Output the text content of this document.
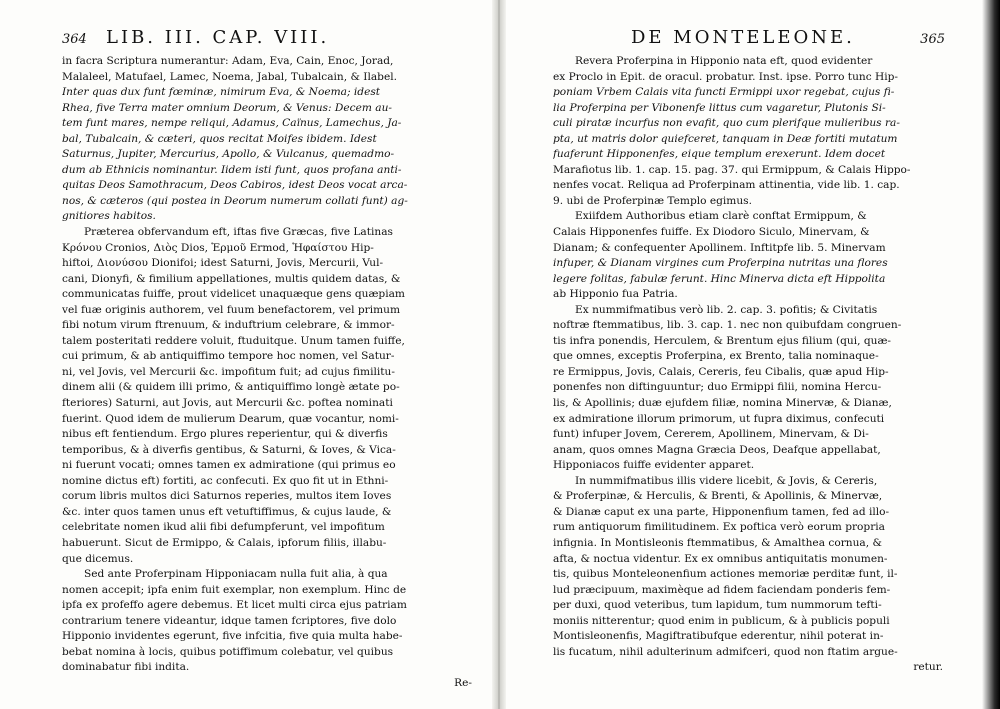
364 LIB. III. CAP. VIII.
in facra Scriptura numerantur: Adam, Eva, Cain, Enoc, Jorad,
Malaleel, Matufael, Lamec, Noema, Jabal, Tubalcain, & Ilabel.
Inter quas dux funt fœminæ, nimirum Eva, & Noema; idest
Rhea, five Terra mater omnium Deorum, & Venus: Decem au-
tem funt mares, nempe reliqui, Adamus, Caïnus, Lamechus, Ja-
bal, Tubalcain, & cæteri, quos recitat Moifes ibidem. Idest
Saturnus, Jupiter, Mercurius, Apollo, & Vulcanus, quemadmo-
dum ab Ethnicis nominantur. Iidem isti funt, quos profana anti-
quitas Deos Samothracum, Deos Cabiros, idest Deos vocat arca-
nos, & cæteros (qui postea in Deorum numerum collati funt) ag-
gnitiores habitos.
Præterea obfervandum eft, iftas five Græcas, five Latinas
Κρόνου Cronios, Διὸς Dios, Ἑρμοῦ Ermod, Ἡφαίστου Hip-
hiftoi, Διονύσου Dionifoi; idest Saturni, Jovis, Mercurii, Vul-
cani, Dionyfi, & fimilium appellationes, multis quidem datas, &
communicatas fuiffe, prout videlicet unaquæque gens quæpiam
vel fuæ originis authorem, vel fuum benefactorem, vel primum
fibi notum virum ftrenuum, & induftrium celebrare, & immor-
talem posteritati reddere voluit, ftuduitque. Unum tamen fuiffe,
cui primum, & ab antiquiffimo tempore hoc nomen, vel Satur-
ni, vel Jovis, vel Mercurii &c. impofitum fuit; ad cujus fimilitu-
dinem alii (& quidem illi primo, & antiquiffimo longè ætate po-
fteriores) Saturni, aut Jovis, aut Mercurii &c. poftea nominati
fuerint. Quod idem de mulierum Dearum, quæ vocantur, nomi-
nibus eft fentiendum. Ergo plures reperientur, qui & diverfis
temporibus, & à diverfis gentibus, & Saturni, & Ioves, & Vica-
ni fuerunt vocati; omnes tamen ex admiratione (qui primus eo
nomine dictus eft) fortiti, ac confecuti. Ex quo fit ut in Ethni-
corum libris multos dici Saturnos reperies, multos item Ioves
&c. inter quos tamen unus eft vetuftiffimus, & cujus laude, &
celebritate nomen ikud alii fibi defumpferunt, vel impofitum
habuerunt. Sicut de Ermippo, & Calais, ipforum filiis, illabu-
que dicemus.
Sed ante Proferpinam Hipponiacam nulla fuit alia, à qua
nomen accepit; ipfa enim fuit exemplar, non exemplum. Hinc de
ipfa ex profeffo agere debemus. Et licet multi circa ejus patriam
contrarium tenere videantur, idque tamen fcriptores, five dolo
Hipponio invidentes egerunt, five infcitia, five quia multa habe-
bebat nomina à locis, quibus potiffimum colebatur, vel quibus
dominabatur fibi indita.
Re-
DE MONTELEONE.	365
Revera Proferpina in Hipponio nata eft, quod evidenter
ex Proclo in Epit. de oracul. probatur. Inst. ipse. Porro tunc Hip-
poniam Vrbem Calais vita functi Ermippi uxor regebat, cujus fi-
lia Proferpina per Vibonenfe littus cum vagaretur, Plutonis Si-
culi piratæ incurfus non evafit, quo cum plerifque mulieribus ra-
pta, ut matris dolor quiefceret, tanquam in Deæ fortiti mutatum
fuaferunt Hipponenfes, eique templum erexerunt. Idem docet
Marafiotus lib. 1. cap. 15. pag. 37. qui Ermippum, & Calais Hippo-
nenfes vocat. Reliqua ad Proferpinam attinentia, vide lib. 1. cap.
9. ubi de Proferpinæ Templo egimus.
Exiifdem Authoribus etiam clarè conftat Ermippum, &
Calais Hipponenfes fuiffe. Ex Diodoro Siculo, Minervam, &
Dianam; & confequenter Apollinem. Inftitpfe lib. 5. Minervam
infuper, & Dianam virgines cum Proferpina nutritas una flores
legere folitas, fabulæ ferunt. Hinc Minerva dicta eft Hippolita
ab Hipponio fua Patria.
Ex nummifmatibus verò lib. 2. cap. 3. pofitis; & Civitatis
noftræ ftemmatibus, lib. 3. cap. 1. nec non quibufdam congruen-
tis infra ponendis, Herculem, & Brentum ejus filium (qui, quæ-
que omnes, exceptis Proferpina, ex Brento, talia nominaque-
re Ermippus, Jovis, Calais, Cereris, feu Cibalis, quæ apud Hip-
ponenfes non diftinguuntur; duo Ermippi filii, nomina Hercu-
lis, & Apollinis; duæ ejufdem filiæ, nomina Minervæ, & Dianæ,
ex admiratione illorum primorum, ut fupra diximus, confecuti
funt) infuper Jovem, Cererem, Apollinem, Minervam, & Di-
anam, quos omnes Magna Græcia Deos, Deafque appellabat,
Hipponiacos fuiffe evidenter apparet.
In nummifmatibus illis videre licebit, & Jovis, & Cereris,
& Proferpinæ, & Herculis, & Brenti, & Apollinis, & Minervæ,
& Dianæ caput ex una parte, Hipponenfium tamen, fed ad illo-
rum antiquorum fimilitudinem. Ex poftica verò eorum propria
infignia. In Montisleonis ftemmatibus, & Amalthea cornua, &
afta, & noctua videntur. Ex ex omnibus antiquitatis monumen-
tis, quibus Monteleonenfium actiones memoriæ perditæ funt, il-
lud præcipuum, maximèque ad fidem faciendam ponderis fem-
per duxi, quod veteribus, tum lapidum, tum nummorum tefti-
moniis nitterentur; quod enim in publicum, & à publicis populi
Montisleonenfis, Magiftratibufque ederentur, nihil poterat in-
lis fucatum, nihil adulterinum admifceri, quod non ftatim argue-
retur.
